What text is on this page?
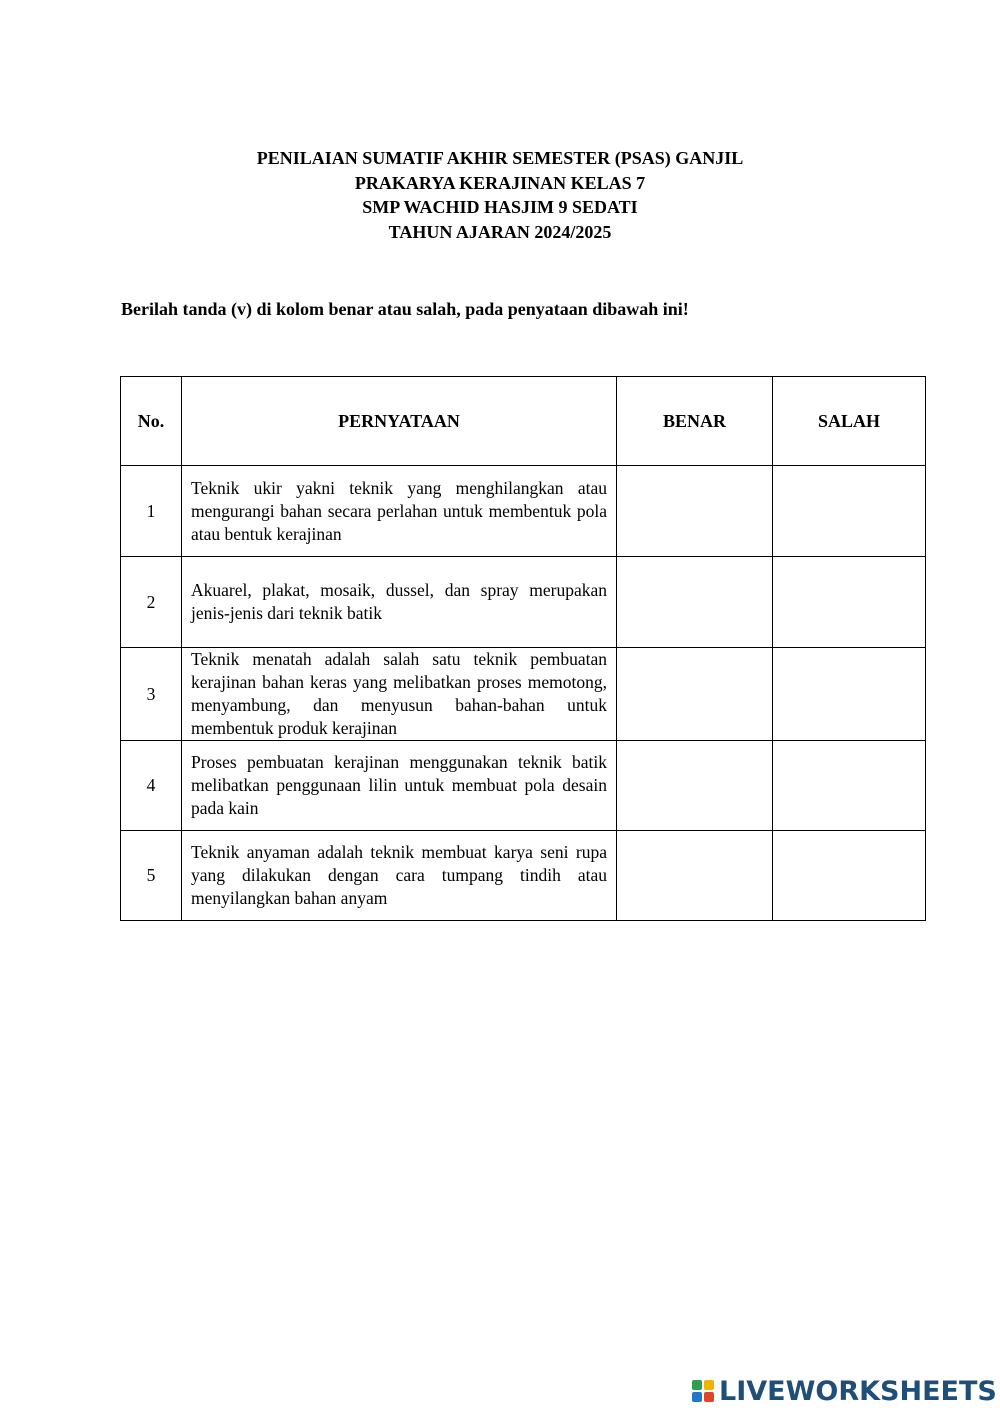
PENILAIAN SUMATIF AKHIR SEMESTER (PSAS) GANJIL
PRAKARYA KERAJINAN KELAS 7
SMP WACHID HASJIM 9 SEDATI
TAHUN AJARAN 2024/2025
Berilah tanda (v) di kolom benar atau salah, pada penyataan dibawah ini!
No.	PERNYATAAN	BENAR	SALAH
1	Teknik ukir yakni teknik yang menghilangkan atau mengurangi bahan secara perlahan untuk membentuk pola atau bentuk kerajinan		
2	Akuarel, plakat, mosaik, dussel, dan spray merupakan jenis-jenis dari teknik batik		
3	Teknik menatah adalah salah satu teknik pembuatan kerajinan bahan keras yang melibatkan proses memotong, menyambung, dan menyusun bahan-bahan untuk membentuk produk kerajinan		
4	Proses pembuatan kerajinan menggunakan teknik batik melibatkan penggunaan lilin untuk membuat pola desain pada kain		
5	Teknik anyaman adalah teknik membuat karya seni rupa yang dilakukan dengan cara tumpang tindih atau menyilangkan bahan anyam		
LIVEWORKSHEETS
